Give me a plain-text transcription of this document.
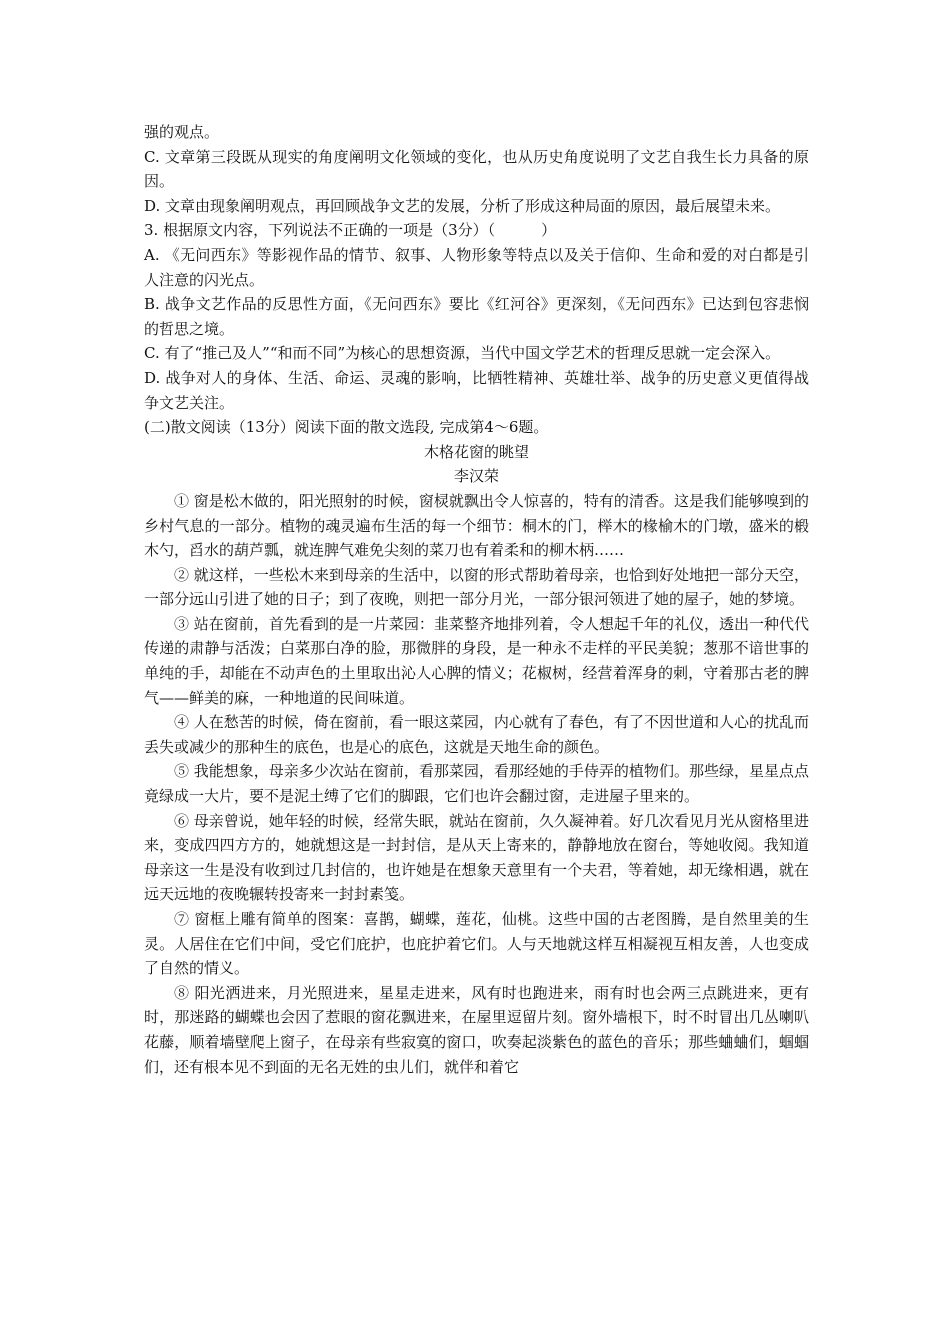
强的观点。

C. 文章第三段既从现实的角度阐明文化领域的变化，也从历史角度说明了文艺自我生长力具备的原因。

D. 文章由现象阐明观点，再回顾战争文艺的发展，分析了形成这种局面的原因，最后展望未来。

3. 根据原文内容，下列说法不正确的一项是（3分）（	）

A. 《无问西东》等影视作品的情节、叙事、人物形象等特点以及关于信仰、生命和爱的对白都是引人注意的闪光点。

B. 战争文艺作品的反思性方面，《无问西东》要比《红河谷》更深刻，《无问西东》已达到包容悲悯的哲思之境。

C. 有了“推己及人”“和而不同”为核心的思想资源，当代中国文学艺术的哲理反思就一定会深入。

D. 战争对人的身体、生活、命运、灵魂的影响，比牺牲精神、英雄壮举、战争的历史意义更值得战争文艺关注。

(二)散文阅读（13分）阅读下面的散文选段, 完成第4～6题。

木格花窗的眺望

李汉荣

① 窗是松木做的，阳光照射的时候，窗棂就飘出令人惊喜的，特有的清香。这是我们能够嗅到的乡村气息的一部分。植物的魂灵遍布生活的每一个细节：桐木的门，榉木的椽榆木的门墩，盛米的椴木勺，舀水的葫芦瓢，就连脾气难免尖刻的菜刀也有着柔和的柳木柄……

② 就这样，一些松木来到母亲的生活中，以窗的形式帮助着母亲，也恰到好处地把一部分天空，一部分远山引进了她的日子；到了夜晚，则把一部分月光，一部分银河领进了她的屋子，她的梦境。

③ 站在窗前，首先看到的是一片菜园：韭菜整齐地排列着，令人想起千年的礼仪，透出一种代代传递的肃静与活泼；白菜那白净的脸，那微胖的身段，是一种永不走样的平民美貌；葱那不谙世事的单纯的手，却能在不动声色的土里取出沁人心脾的情义；花椒树，经营着浑身的刺，守着那古老的脾气——鲜美的麻，一种地道的民间味道。

④ 人在愁苦的时候，倚在窗前，看一眼这菜园，内心就有了春色，有了不因世道和人心的扰乱而丢失或减少的那种生的底色，也是心的底色，这就是天地生命的颜色。

⑤ 我能想象，母亲多少次站在窗前，看那菜园，看那经她的手侍弄的植物们。那些绿，星星点点竟绿成一大片，要不是泥土缚了它们的脚跟，它们也许会翻过窗，走进屋子里来的。

⑥ 母亲曾说，她年轻的时候，经常失眠，就站在窗前，久久凝神着。好几次看见月光从窗格里进来，变成四四方方的，她就想这是一封封信，是从天上寄来的，静静地放在窗台，等她收阅。我知道母亲这一生是没有收到过几封信的，也许她是在想象天意里有一个夫君，等着她，却无缘相遇，就在远天远地的夜晚辗转投寄来一封封素笺。

⑦ 窗框上雕有简单的图案：喜鹊，蝴蝶，莲花，仙桃。这些中国的古老图腾，是自然里美的生灵。人居住在它们中间，受它们庇护，也庇护着它们。人与天地就这样互相凝视互相友善，人也变成了自然的情义。

⑧ 阳光洒进来，月光照进来，星星走进来，风有时也跑进来，雨有时也会两三点跳进来，更有时，那迷路的蝴蝶也会因了惹眼的窗花飘进来，在屋里逗留片刻。窗外墙根下，时不时冒出几丛喇叭花藤，顺着墙壁爬上窗子，在母亲有些寂寞的窗口，吹奏起淡紫色的蓝色的音乐；那些蛐蛐们，蝈蝈们，还有根本见不到面的无名无姓的虫儿们，就伴和着它
